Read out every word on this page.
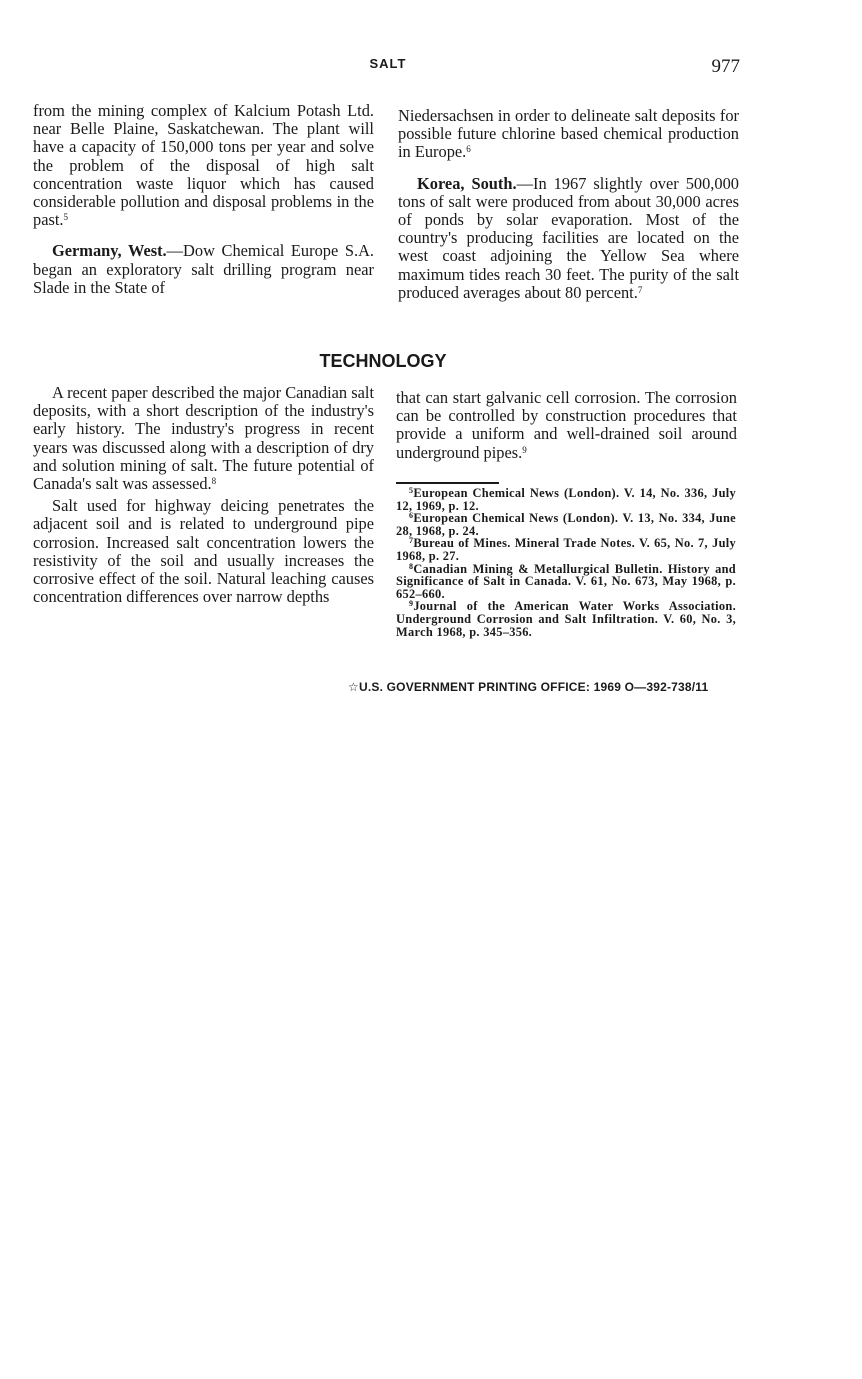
SALT	977

from the mining complex of Kalcium Potash Ltd. near Belle Plaine, Saskatchewan. The plant will have a capacity of 150,000 tons per year and solve the problem of the disposal of high salt concentration waste liquor which has caused considerable pollution and disposal problems in the past.$^5$

Germany, West.—Dow Chemical Europe S.A. began an exploratory salt drilling program near Slade in the State of

Niedersachsen in order to delineate salt deposits for possible future chlorine based chemical production in Europe.$^6$

Korea, South.—In 1967 slightly over 500,000 tons of salt were produced from about 30,000 acres of ponds by solar evaporation. Most of the country's producing facilities are located on the west coast adjoining the Yellow Sea where maximum tides reach 30 feet. The purity of the salt produced averages about 80 percent.$^7$

TECHNOLOGY

A recent paper described the major Canadian salt deposits, with a short description of the industry's early history. The industry's progress in recent years was discussed along with a description of dry and solution mining of salt. The future potential of Canada's salt was assessed.$^8$

Salt used for highway deicing penetrates the adjacent soil and is related to underground pipe corrosion. Increased salt concentration lowers the resistivity of the soil and usually increases the corrosive effect of the soil. Natural leaching causes concentration differences over narrow depths

that can start galvanic cell corrosion. The corrosion can be controlled by construction procedures that provide a uniform and well-drained soil around underground pipes.$^9$

$^5$European Chemical News (London). V. 14, No. 336, July 12, 1969, p. 12.

$^6$European Chemical News (London). V. 13, No. 334, June 28, 1968, p. 24.

$^7$Bureau of Mines. Mineral Trade Notes. V. 65, No. 7, July 1968, p. 27.

$^8$Canadian Mining & Metallurgical Bulletin. History and Significance of Salt in Canada. V. 61, No. 673, May 1968, p. 652–660.

$^9$Journal of the American Water Works Association. Underground Corrosion and Salt Infiltration. V. 60, No. 3, March 1968, p. 345–356.

☆U.S. GOVERNMENT PRINTING OFFICE: 1969 O—392-738/11
